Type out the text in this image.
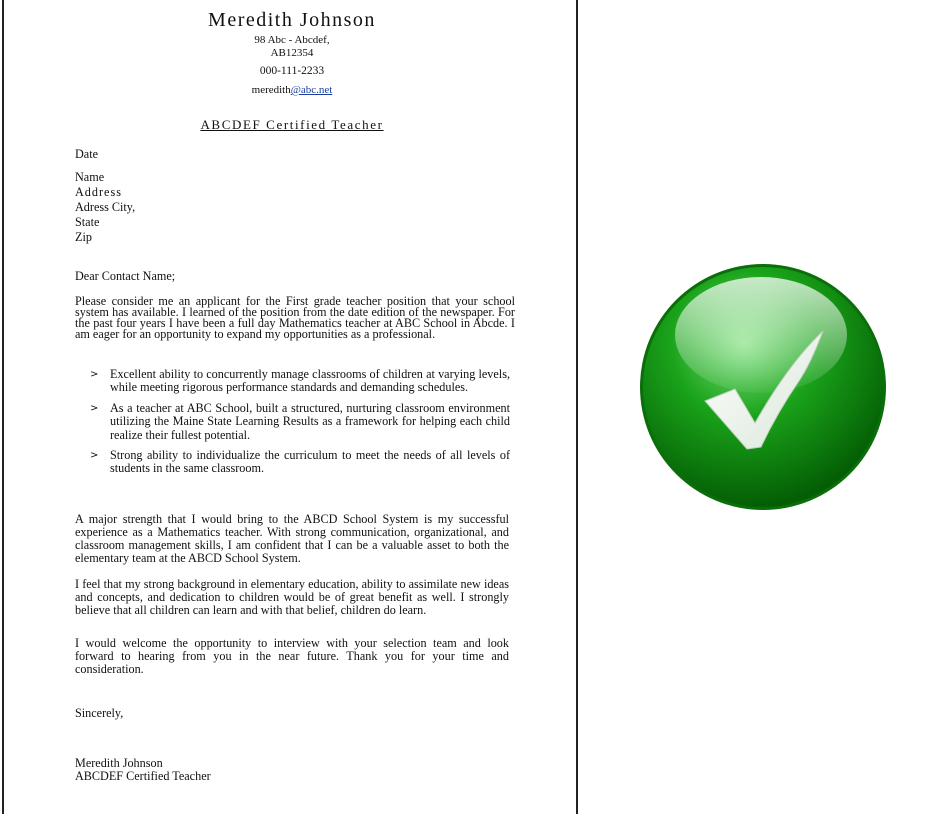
Meredith Johnson
98 Abc - Abcdef,
AB12354
000-111-2233
meredith@abc.net
ABCDEF Certified Teacher
Date
Name
Address
Adress City,
State
Zip
Dear Contact Name;
Please consider me an applicant for the First grade teacher position that your school system has available. I learned of the position from the date edition of the newspaper. For the past four years I have been a full day Mathematics teacher at ABC School in Abcde. I am eager for an opportunity to expand my opportunities as a professional.
> Excellent ability to concurrently manage classrooms of children at varying levels, while meeting rigorous performance standards and demanding schedules.
> As a teacher at ABC School, built a structured, nurturing classroom environment utilizing the Maine State Learning Results as a framework for helping each child realize their fullest potential.
> Strong ability to individualize the curriculum to meet the needs of all levels of students in the same classroom.
A major strength that I would bring to the ABCD School System is my successful experience as a Mathematics teacher. With strong communication, organizational, and classroom management skills, I am confident that I can be a valuable asset to both the elementary team at the ABCD School System.
I feel that my strong background in elementary education, ability to assimilate new ideas and concepts, and dedication to children would be of great benefit as well. I strongly believe that all children can learn and with that belief, children do learn.
I would welcome the opportunity to interview with your selection team and look forward to hearing from you in the near future. Thank you for your time and consideration.
Sincerely,
Meredith Johnson
ABCDEF Certified Teacher
